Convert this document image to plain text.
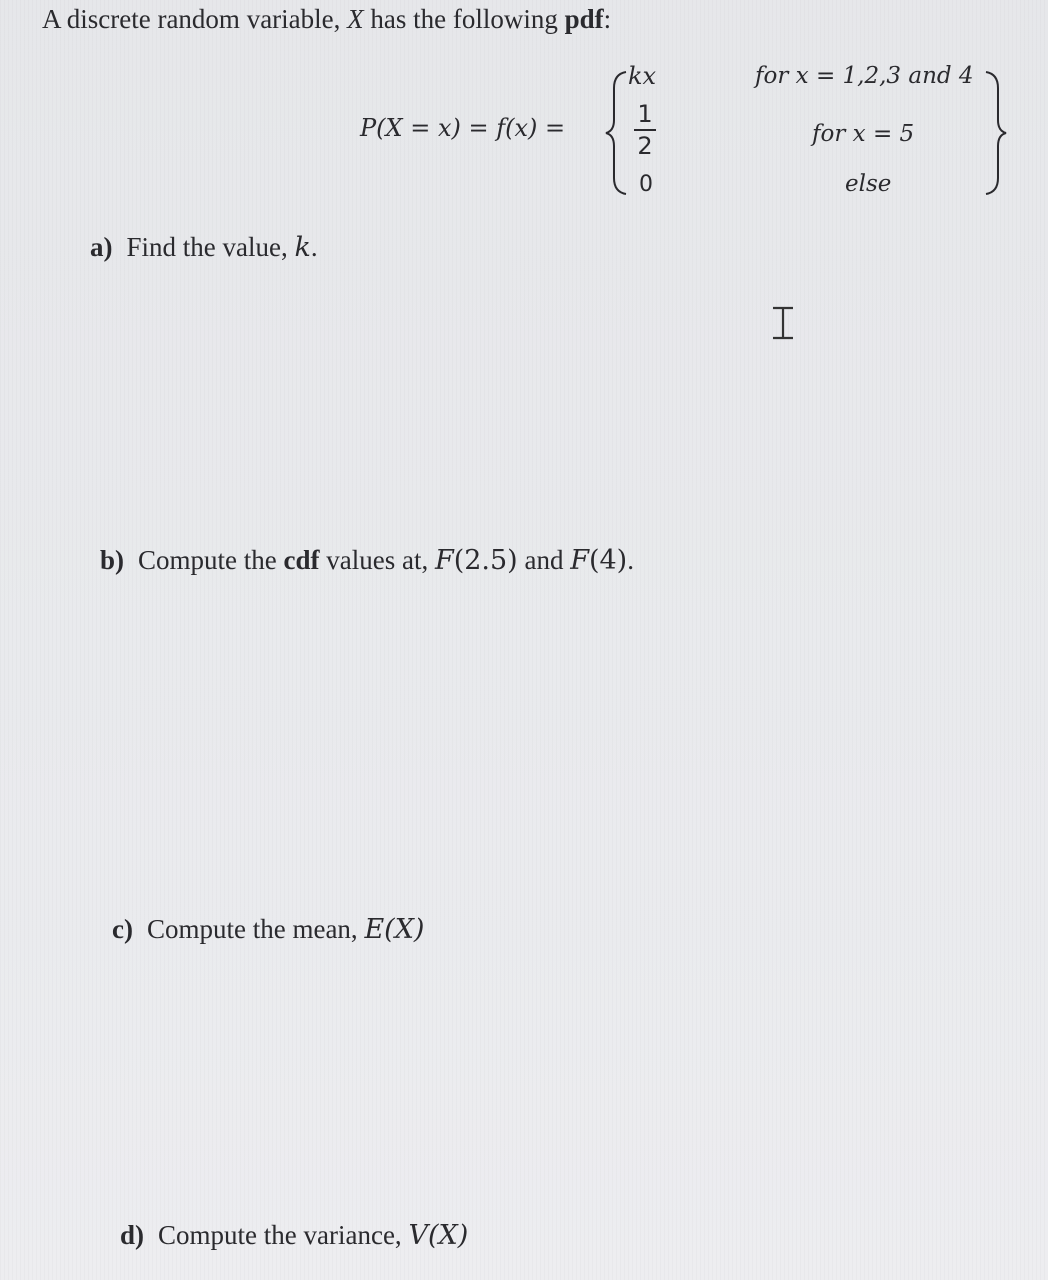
A discrete random variable, X has the following pdf:
P(X = x) = f(x) =
kx
1
2
0
for x = 1,2,3 and 4
for x = 5
else
a) Find the value, k.
b) Compute the cdf values at, F(2.5) and F(4).
c) Compute the mean, E(X)
d) Compute the variance, V(X)
